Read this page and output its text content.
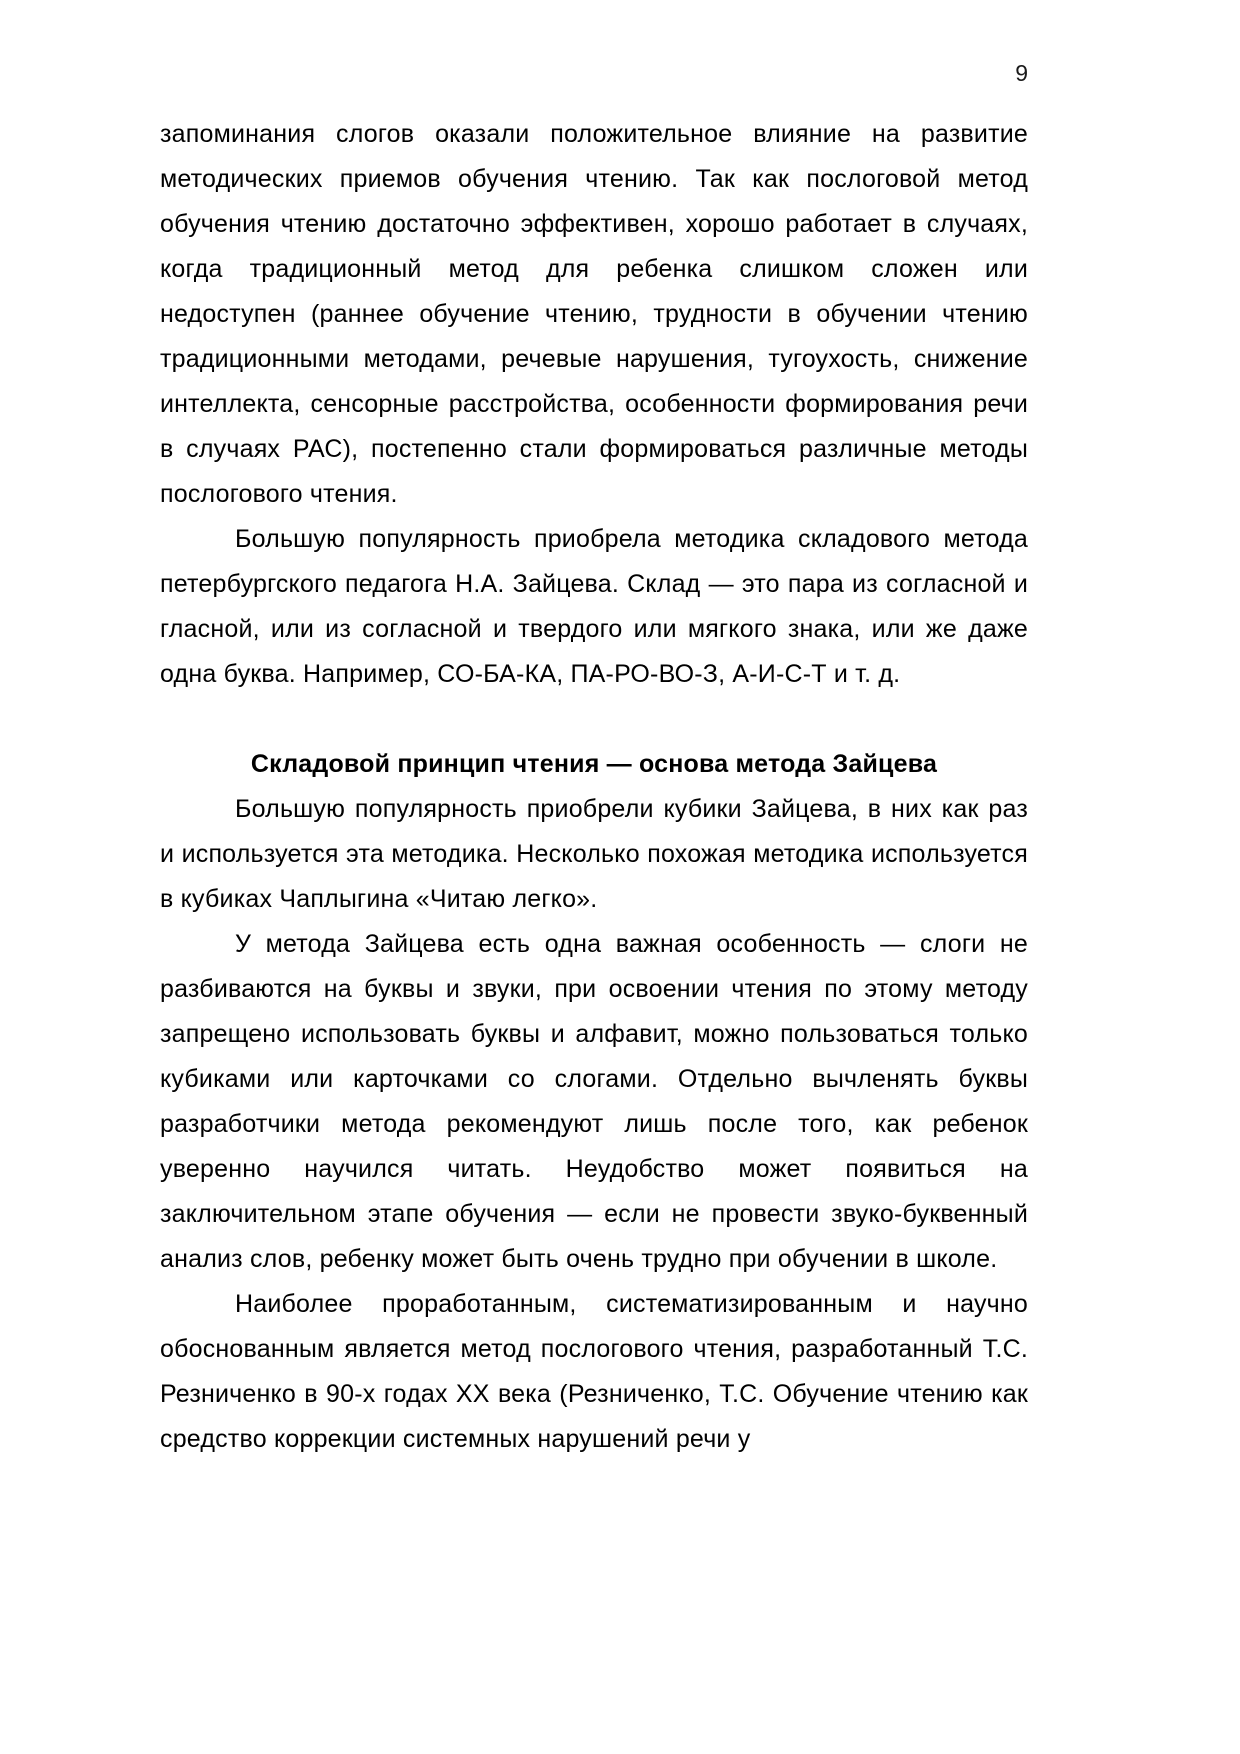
9

запоминания слогов оказали положительное влияние на развитие методических приемов обучения чтению. Так как послоговой метод обучения чтению достаточно эффективен, хорошо работает в случаях, когда традиционный метод для ребенка слишком сложен или недоступен (раннее обучение чтению, трудности в обучении чтению традиционными методами, речевые нарушения, тугоухость, снижение интеллекта, сенсорные расстройства, особенности формирования речи в случаях РАС), постепенно стали формироваться различные методы послогового чтения.

Большую популярность приобрела методика складового метода петербургского педагога Н.А. Зайцева. Склад — это пара из согласной и гласной, или из согласной и твердого или мягкого знака, или же даже одна буква. Например, СО-БА-КА, ПА-РО-ВО-З, А-И-С-Т и т. д.

Складовой принцип чтения — основа метода Зайцева

Большую популярность приобрели кубики Зайцева, в них как раз и используется эта методика. Несколько похожая методика используется в кубиках Чаплыгина «Читаю легко».

У метода Зайцева есть одна важная особенность — слоги не разбиваются на буквы и звуки, при освоении чтения по этому методу запрещено использовать буквы и алфавит, можно пользоваться только кубиками или карточками со слогами. Отдельно вычленять буквы разработчики метода рекомендуют лишь после того, как ребенок уверенно научился читать. Неудобство может появиться на заключительном этапе обучения — если не провести звуко-буквенный анализ слов, ребенку может быть очень трудно при обучении в школе.

Наиболее проработанным, систематизированным и научно обоснованным является метод послогового чтения, разработанный Т.С. Резниченко в 90-х годах XX века (Резниченко, Т.С. Обучение чтению как средство коррекции системных нарушений речи у
